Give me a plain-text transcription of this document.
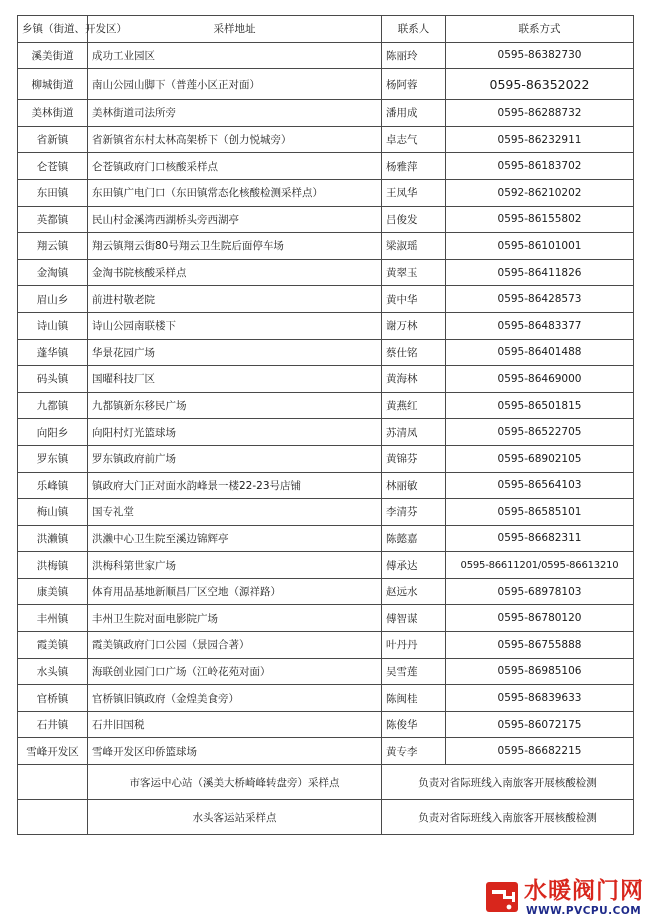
乡镇（街道、开发区）	采样地址	联系人	联系方式
溪美街道	成功工业园区	陈丽玲	0595-86382730
柳城街道	南山公园山脚下（普莲小区正对面）	杨阿蓉	0595-86352022
美林街道	美林街道司法所旁	潘用成	0595-86288732
省新镇	省新镇省东村太林高架桥下（创力悦城旁）	卓志气	0595-86232911
仑苍镇	仑苍镇政府门口核酸采样点	杨雅萍	0595-86183702
东田镇	东田镇广电门口（东田镇常态化核酸检测采样点）	王凤华	0592-86210202
英都镇	民山村金溪湾西湖桥头旁西湖亭	吕俊发	0595-86155802
翔云镇	翔云镇翔云街80号翔云卫生院后面停车场	梁淑瑶	0595-86101001
金淘镇	金淘书院核酸采样点	黄翠玉	0595-86411826
眉山乡	前进村敬老院	黄中华	0595-86428573
诗山镇	诗山公园南联楼下	谢万林	0595-86483377
蓬华镇	华景花园广场	蔡仕铭	0595-86401488
码头镇	国曜科技厂区	黄海林	0595-86469000
九都镇	九都镇新东移民广场	黄燕红	0595-86501815
向阳乡	向阳村灯光篮球场	苏清凤	0595-86522705
罗东镇	罗东镇政府前广场	黄锦芬	0595-68902105
乐峰镇	镇政府大门正对面水韵峰景一楼22-23号店铺	林丽敏	0595-86564103
梅山镇	国专礼堂	李清芬	0595-86585101
洪濑镇	洪濑中心卫生院至溪边锦辉亭	陈懿嘉	0595-86682311
洪梅镇	洪梅科第世家广场	傅承达	0595-86611201/0595-86613210
康美镇	体育用品基地新顺昌厂区空地（源祥路）	赵远水	0595-68978103
丰州镇	丰州卫生院对面电影院广场	傅智谋	0595-86780120
霞美镇	霞美镇政府门口公园（景园合著）	叶丹丹	0595-86755888
水头镇	海联创业园门口广场（江岭花苑对面）	吴雪莲	0595-86985106
官桥镇	官桥镇旧镇政府（金煌美食旁）	陈闽桂	0595-86839633
石井镇	石井旧国税	陈俊华	0595-86072175
雪峰开发区	雪峰开发区印侨篮球场	黄专李	0595-86682215
	市客运中心站（溪美大桥崎峰转盘旁）采样点	负责对省际班线入南旅客开展核酸检测	
	水头客运站采样点	负责对省际班线入南旅客开展核酸检测	
水暖阀门网
WWW.PVCPU.COM
